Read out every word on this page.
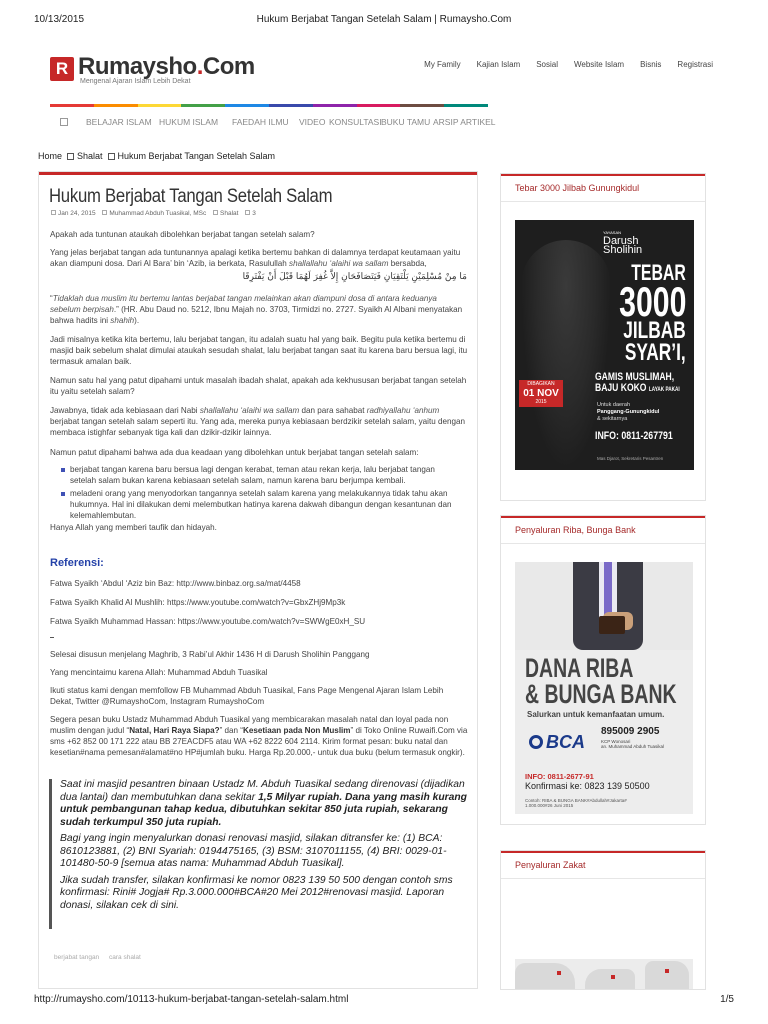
10/13/2015	Hukum Berjabat Tangan Setelah Salam | Rumaysho.Com
R Rumaysho.Com
Mengenal Ajaran Islam Lebih Dekat
My Family Kajian Islam Sosial Website Islam Bisnis Registrasi
BELAJAR ISLAM HUKUM ISLAM FAEDAH ILMU VIDEO KONSULTASI BUKU TAMU ARSIP ARTIKEL
Home Shalat Hukum Berjabat Tangan Setelah Salam
Hukum Berjabat Tangan Setelah Salam
Jan 24, 2015 Muhammad Abduh Tuasikal, MSc Shalat 3
Apakah ada tuntunan ataukah dibolehkan berjabat tangan setelah salam?
Yang jelas berjabat tangan ada tuntunannya apalagi ketika bertemu bahkan di dalamnya terdapat keutamaan yaitu akan diampuni dosa. Dari Al Bara’ bin ‘Azib, ia berkata, Rasulullah shallallahu ‘alaihi wa sallam bersabda,
مَا مِنْ مُسْلِمَيْنِ يَلْتَقِيَانِ فَيَتَصَافَحَانِ إِلاَّ غُفِرَ لَهُمَا قَبْلَ أَنْ يَفْتَرِقَا
“Tidaklah dua muslim itu bertemu lantas berjabat tangan melainkan akan diampuni dosa di antara keduanya sebelum berpisah.” (HR. Abu Daud no. 5212, Ibnu Majah no. 3703, Tirmidzi no. 2727. Syaikh Al Albani menyatakan bahwa hadits ini shahih).
Jadi misalnya ketika kita bertemu, lalu berjabat tangan, itu adalah suatu hal yang baik. Begitu pula ketika bertemu di masjid baik sebelum shalat dimulai ataukah sesudah shalat, lalu berjabat tangan saat itu karena baru bersua lagi, itu termasuk amalan baik.
Namun satu hal yang patut dipahami untuk masalah ibadah shalat, apakah ada kekhususan berjabat tangan setelah itu yaitu setelah salam?
Jawabnya, tidak ada kebiasaan dari Nabi shallallahu ‘alaihi wa sallam dan para sahabat radhiyallahu ‘anhum berjabat tangan setelah salam seperti itu. Yang ada, mereka punya kebiasaan berdzikir setelah salam, yaitu dengan membaca istighfar sebanyak tiga kali dan dzikir-dzikir lainnya.
Namun patut dipahami bahwa ada dua keadaan yang dibolehkan untuk berjabat tangan setelah salam:
berjabat tangan karena baru bersua lagi dengan kerabat, teman atau rekan kerja, lalu berjabat tangan setelah salam bukan karena kebiasaan setelah salam, namun karena baru berjumpa kembali.
meladeni orang yang menyodorkan tangannya setelah salam karena yang melakukannya tidak tahu akan hukumnya. Hal ini dilakukan demi melembutkan hatinya karena dakwah dibangun dengan kesantunan dan kelemahlembutan.
Hanya Allah yang memberi taufik dan hidayah.
Referensi:
Fatwa Syaikh ‘Abdul ‘Aziz bin Baz: http://www.binbaz.org.sa/mat/4458
Fatwa Syaikh Khalid Al Mushlih: https://www.youtube.com/watch?v=GbxZHj9Mp3k
Fatwa Syaikh Muhammad Hassan: https://www.youtube.com/watch?v=SWWgE0xH_SU
Selesai disusun menjelang Maghrib, 3 Rabi’ul Akhir 1436 H di Darush Sholihin Panggang
Yang mencintaimu karena Allah: Muhammad Abduh Tuasikal
Ikuti status kami dengan memfollow FB Muhammad Abduh Tuasikal, Fans Page Mengenal Ajaran Islam Lebih Dekat, Twitter @RumayshoCom, Instagram RumayshoCom
Segera pesan buku Ustadz Muhammad Abduh Tuasikal yang membicarakan masalah natal dan loyal pada non muslim dengan judul “Natal, Hari Raya Siapa?” dan “Kesetiaan pada Non Muslim” di Toko Online Ruwaifi.Com via sms +62 852 00 171 222 atau BB 27EACDF5 atau WA +62 8222 604 2114. Kirim format pesan: buku natal dan kesetian#nama pemesan#alamat#no HP#jumlah buku. Harga Rp.20.000,- untuk dua buku (belum termasuk ongkir).

Saat ini masjid pesantren binaan Ustadz M. Abduh Tuasikal sedang direnovasi (dijadikan dua lantai) dan membutuhkan dana sekitar 1,5 Milyar rupiah. Dana yang masih kurang untuk pembangunan tahap kedua, dibutuhkan sekitar 850 juta rupiah, sekarang sudah terkumpul 350 juta rupiah.

Bagi yang ingin menyalurkan donasi renovasi masjid, silakan ditransfer ke: (1) BCA: 8610123881, (2) BNI Syariah: 0194475165, (3) BSM: 3107011155, (4) BRI: 0029-01-101480-50-9 [semua atas nama: Muhammad Abduh Tuasikal].

Jika sudah transfer, silakan konfirmasi ke nomor 0823 139 50 500 dengan contoh sms konfirmasi: Rini# Jogja# Rp.3.000.000#BCA#20 Mei 2012#renovasi masjid. Laporan donasi, silakan cek di sini.

berjabat tangan cara shalat
Tebar 3000 Jilbab Gunungkidul
YAYASAN
Darush
Sholihin
TEBAR
3000
JILBAB
SYAR’I,
GAMIS MUSLIMAH,
BAJU KOKO LAYAK PAKAI
DIBAGIKAN
01 NOV
2015	Untuk daerah
Panggang-Gunungkidul
& sekitarnya
INFO: 0811-267791
Mas Djarot, Sekretaris Pesantren
Penyaluran Riba, Bunga Bank
DANA RIBA
& BUNGA BANK
Salurkan untuk kemanfaatan umum.
BCA
895009 2905
KCP Wonosari
an. Muhammad Abduh Tuasikal
INFO: 0811-2677-91
Konfirmasi ke: 0823 139 50500
Contoh: RIBA & BUNGA BANK#Abdullah#Jakarta#
1.000.000#26 Juni 2015
Penyaluran Zakat
http://rumaysho.com/10113-hukum-berjabat-tangan-setelah-salam.html	1/5
